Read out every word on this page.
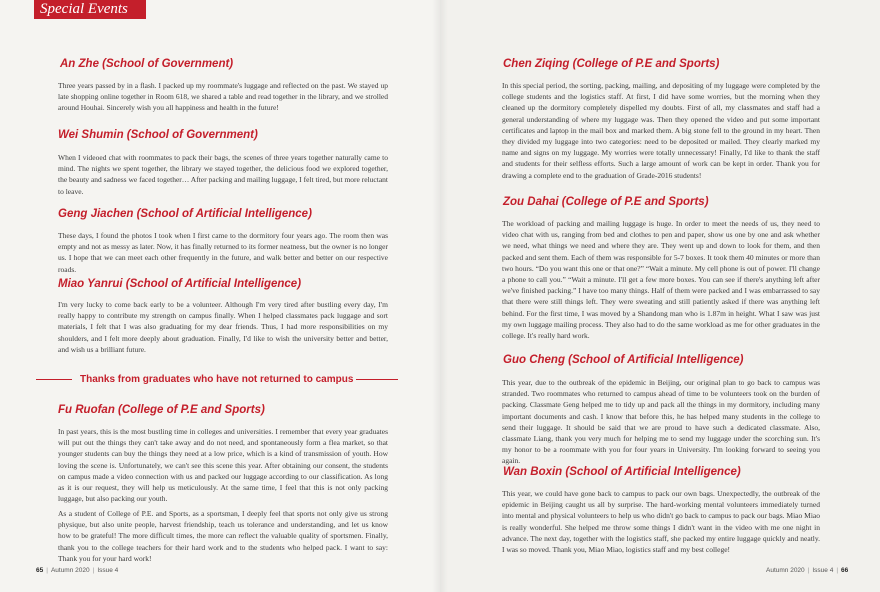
Special Events
An Zhe (School of Government)

Three years passed by in a flash. I packed up my roommate's luggage and reflected on the past. We stayed up late shopping online together in Room 618, we shared a table and read together in the library, and we strolled around Houhai. Sincerely wish you all happiness and health in the future!

Wei Shumin (School of Government)

When I videoed chat with roommates to pack their bags, the scenes of three years together naturally came to mind. The nights we spent together, the library we stayed together, the delicious food we explored together, the beauty and sadness we faced together… After packing and mailing luggage, I felt tired, but more reluctant to leave.

Geng Jiachen (School of Artificial Intelligence)

These days, I found the photos I took when I first came to the dormitory four years ago. The room then was empty and not as messy as later. Now, it has finally returned to its former neatness, but the owner is no longer us. I hope that we can meet each other frequently in the future, and walk better and better on our respective roads.

Miao Yanrui (School of Artificial Intelligence)

I'm very lucky to come back early to be a volunteer. Although I'm very tired after bustling every day, I'm really happy to contribute my strength on campus finally. When I helped classmates pack luggage and sort materials, I felt that I was also graduating for my dear friends. Thus, I had more responsibilities on my shoulders, and I felt more deeply about graduation. Finally, I'd like to wish the university better and better, and wish us a brilliant future.

Thanks from graduates who have not returned to campus
Fu Ruofan (College of P.E and Sports)

In past years, this is the most bustling time in colleges and universities. I remember that every year graduates will put out the things they can't take away and do not need, and spontaneously form a flea market, so that younger students can buy the things they need at a low price, which is a kind of transmission of youth. How loving the scene is. Unfortunately, we can't see this scene this year. After obtaining our consent, the students on campus made a video connection with us and packed our luggage according to our classification. As long as it is our request, they will help us meticulously. At the same time, I feel that this is not only packing luggage, but also packing our youth.

As a student of College of P.E. and Sports, as a sportsman, I deeply feel that sports not only give us strong physique, but also unite people, harvest friendship, teach us tolerance and understanding, and let us know how to be grateful! The more difficult times, the more can reflect the valuable quality of sportsmen. Finally, thank you to the college teachers for their hard work and to the students who helped pack. I want to say: Thank you for your hard work!

65 | Autumn 2020 | Issue 4
Chen Ziqing (College of P.E and Sports)

In this special period, the sorting, packing, mailing, and depositing of my luggage were completed by the college students and the logistics staff. At first, I did have some worries, but the morning when they cleaned up the dormitory completely dispelled my doubts. First of all, my classmates and staff had a general understanding of where my luggage was. Then they opened the video and put some important certificates and laptop in the mail box and marked them. A big stone fell to the ground in my heart. Then they divided my luggage into two categories: need to be deposited or mailed. They clearly marked my name and signs on my luggage. My worries were totally unnecessary! Finally, I'd like to thank the staff and students for their selfless efforts. Such a large amount of work can be kept in order. Thank you for drawing a complete end to the graduation of Grade-2016 students!

Zou Dahai (College of P.E and Sports)

The workload of packing and mailing luggage is huge. In order to meet the needs of us, they need to video chat with us, ranging from bed and clothes to pen and paper, show us one by one and ask whether we need, what things we need and where they are. They went up and down to look for them, and then packed and sent them. Each of them was responsible for 5-7 boxes. It took them 40 minutes or more than two hours. “Do you want this one or that one?” “Wait a minute. My cell phone is out of power. I'll change a phone to call you.” “Wait a minute. I'll get a few more boxes. You can see if there's anything left after we've finished packing.” I have too many things. Half of them were packed and I was embarrassed to say that there were still things left. They were sweating and still patiently asked if there was anything left behind. For the first time, I was moved by a Shandong man who is 1.87m in height. What I saw was just my own luggage mailing process. They also had to do the same workload as me for other graduates in the college. It's really hard work.

Guo Cheng (School of Artificial Intelligence)

This year, due to the outbreak of the epidemic in Beijing, our original plan to go back to campus was stranded. Two roommates who returned to campus ahead of time to be volunteers took on the burden of packing. Classmate Geng helped me to tidy up and pack all the things in my dormitory, including many important documents and cash. I know that before this, he has helped many students in the college to send their luggage. It should be said that we are proud to have such a dedicated classmate. Also, classmate Liang, thank you very much for helping me to send my luggage under the scorching sun. It's my honor to be a roommate with you for four years in University. I'm looking forward to seeing you again.

Wan Boxin (School of Artificial Intelligence)

This year, we could have gone back to campus to pack our own bags. Unexpectedly, the outbreak of the epidemic in Beijing caught us all by surprise. The hard-working mental volunteers immediately turned into mental and physical volunteers to help us who didn't go back to campus to pack our bags. Miao Miao is really wonderful. She helped me throw some things I didn't want in the video with me one night in advance. The next day, together with the logistics staff, she packed my entire luggage quickly and neatly. I was so moved. Thank you, Miao Miao, logistics staff and my best college!

Autumn 2020 | Issue 4 | 66
